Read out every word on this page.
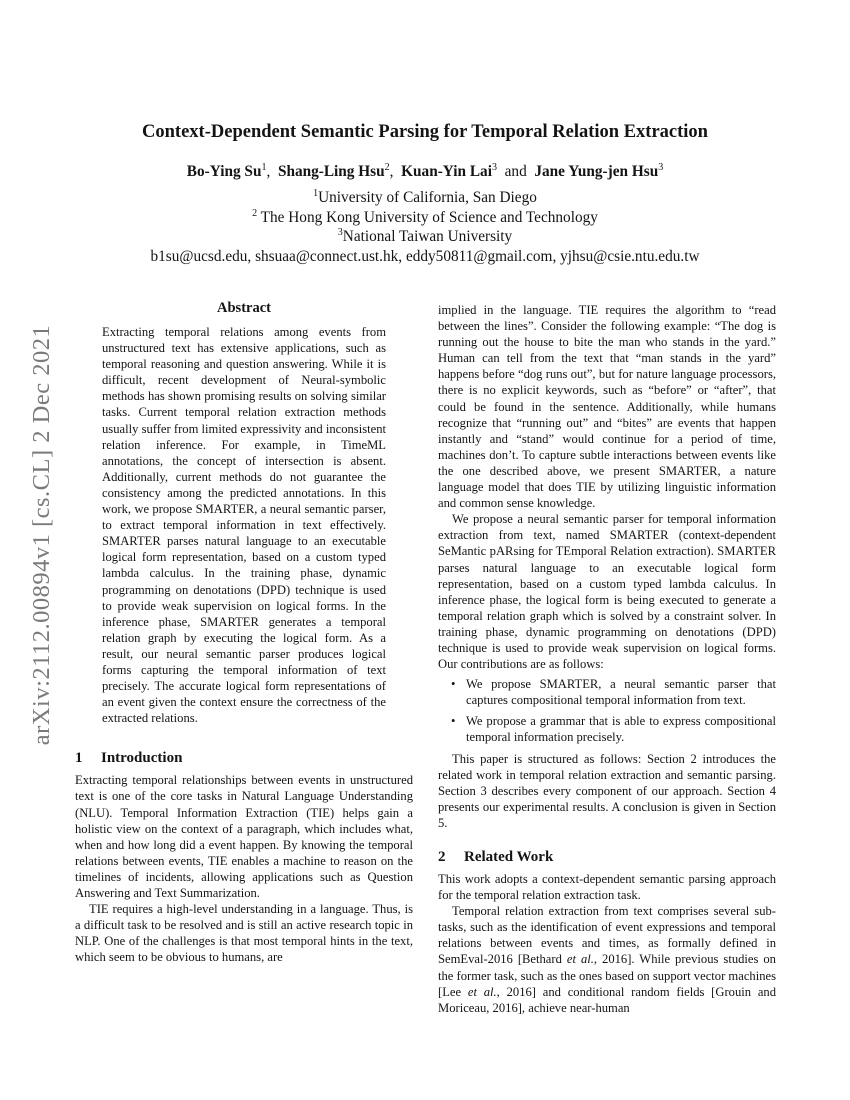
arXiv:2112.00894v1 [cs.CL] 2 Dec 2021
Context-Dependent Semantic Parsing for Temporal Relation Extraction
Bo-Ying Su$^1$, Shang-Ling Hsu$^2$, Kuan-Yin Lai$^3$ and Jane Yung-jen Hsu$^3$
$^1$University of California, San Diego
$^2$ The Hong Kong University of Science and Technology
$^3$National Taiwan University
b1su@ucsd.edu, shsuaa@connect.ust.hk, eddy50811@gmail.com, yjhsu@csie.ntu.edu.tw
Abstract

Extracting temporal relations among events from unstructured text has extensive applications, such as temporal reasoning and question answering. While it is difficult, recent development of Neural-symbolic methods has shown promising results on solving similar tasks. Current temporal relation extraction methods usually suffer from limited expressivity and inconsistent relation inference. For example, in TimeML annotations, the concept of intersection is absent. Additionally, current methods do not guarantee the consistency among the predicted annotations. In this work, we propose SMARTER, a neural semantic parser, to extract temporal information in text effectively. SMARTER parses natural language to an executable logical form representation, based on a custom typed lambda calculus. In the training phase, dynamic programming on denotations (DPD) technique is used to provide weak supervision on logical forms. In the inference phase, SMARTER generates a temporal relation graph by executing the logical form. As a result, our neural semantic parser produces logical forms capturing the temporal information of text precisely. The accurate logical form representations of an event given the context ensure the correctness of the extracted relations.

1 Introduction

Extracting temporal relationships between events in unstructured text is one of the core tasks in Natural Language Understanding (NLU). Temporal Information Extraction (TIE) helps gain a holistic view on the context of a paragraph, which includes what, when and how long did a event happen. By knowing the temporal relations between events, TIE enables a machine to reason on the timelines of incidents, allowing applications such as Question Answering and Text Summarization.

TIE requires a high-level understanding in a language. Thus, is a difficult task to be resolved and is still an active research topic in NLP. One of the challenges is that most temporal hints in the text, which seem to be obvious to humans, are

implied in the language. TIE requires the algorithm to “read between the lines”. Consider the following example: “The dog is running out the house to bite the man who stands in the yard.” Human can tell from the text that “man stands in the yard” happens before “dog runs out”, but for nature language processors, there is no explicit keywords, such as “before” or “after”, that could be found in the sentence. Additionally, while humans recognize that “running out” and “bites” are events that happen instantly and “stand” would continue for a period of time, machines don’t. To capture subtle interactions between events like the one described above, we present SMARTER, a nature language model that does TIE by utilizing linguistic information and common sense knowledge.

We propose a neural semantic parser for temporal information extraction from text, named SMARTER (context-dependent SeMantic pARsing for TEmporal Relation extraction). SMARTER parses natural language to an executable logical form representation, based on a custom typed lambda calculus. In inference phase, the logical form is being executed to generate a temporal relation graph which is solved by a constraint solver. In training phase, dynamic programming on denotations (DPD) technique is used to provide weak supervision on logical forms. Our contributions are as follows:

• We propose SMARTER, a neural semantic parser that captures compositional temporal information from text.
• We propose a grammar that is able to express compositional temporal information precisely.

This paper is structured as follows: Section 2 introduces the related work in temporal relation extraction and semantic parsing. Section 3 describes every component of our approach. Section 4 presents our experimental results. A conclusion is given in Section 5.

2 Related Work

This work adopts a context-dependent semantic parsing approach for the temporal relation extraction task.

Temporal relation extraction from text comprises several sub-tasks, such as the identification of event expressions and temporal relations between events and times, as formally defined in SemEval-2016 [Bethard et al., 2016]. While previous studies on the former task, such as the ones based on support vector machines [Lee et al., 2016] and conditional random fields [Grouin and Moriceau, 2016], achieve near-human
